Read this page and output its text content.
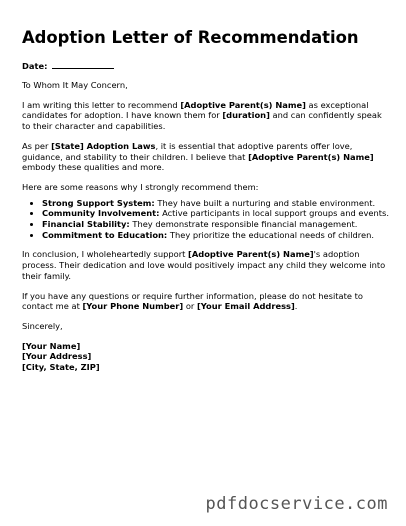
Adoption Letter of Recommendation
Date:

To Whom It May Concern,

I am writing this letter to recommend [Adoptive Parent(s) Name] as exceptional candidates for adoption. I have known them for [duration] and can confidently speak to their character and capabilities.

As per [State] Adoption Laws, it is essential that adoptive parents offer love, guidance, and stability to their children. I believe that [Adoptive Parent(s) Name] embody these qualities and more.

Here are some reasons why I strongly recommend them:

• Strong Support System: They have built a nurturing and stable environment.
• Community Involvement: Active participants in local support groups and events.
• Financial Stability: They demonstrate responsible financial management.
• Commitment to Education: They prioritize the educational needs of children.

In conclusion, I wholeheartedly support [Adoptive Parent(s) Name]'s adoption process. Their dedication and love would positively impact any child they welcome into their family.

If you have any questions or require further information, please do not hesitate to contact me at [Your Phone Number] or [Your Email Address].

Sincerely,

[Your Name]
[Your Address]
[City, State, ZIP]
pdfdocservice.com
